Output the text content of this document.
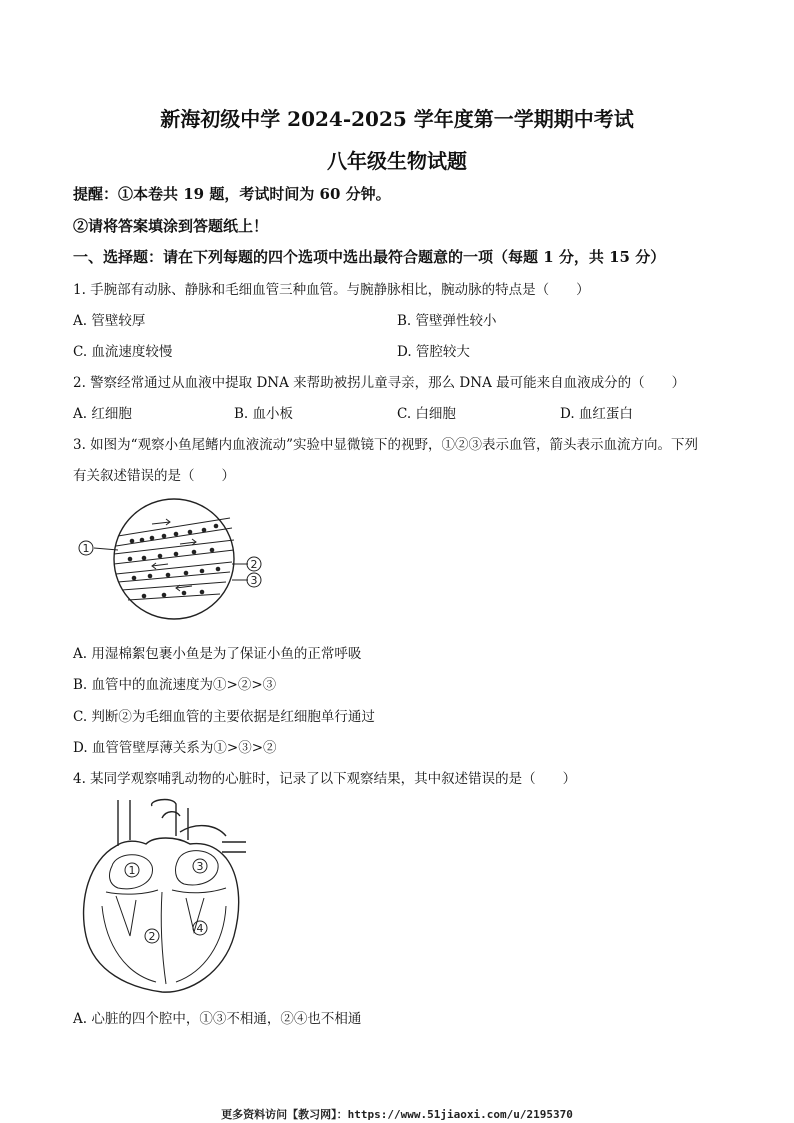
新海初级中学 2024-2025 学年度第一学期期中考试
八年级生物试题
提醒：①本卷共 19 题，考试时间为 60 分钟。
②请将答案填涂到答题纸上！
一、选择题：请在下列每题的四个选项中选出最符合题意的一项（每题 1 分，共 15 分）
1. 手腕部有动脉、静脉和毛细血管三种血管。与腕静脉相比，腕动脉的特点是（　　）
A. 管壁较厚	B. 管壁弹性较小
C. 血流速度较慢	D. 管腔较大
2. 警察经常通过从血液中提取 DNA 来帮助被拐儿童寻亲，那么 DNA 最可能来自血液成分的（　　）
A. 红细胞	B. 血小板	C. 白细胞	D. 血红蛋白
3. 如图为“观察小鱼尾鳍内血液流动”实验中显微镜下的视野，①②③表示血管，箭头表示血流方向。下列
有关叙述错误的是（　　）
1
2
3
A. 用湿棉絮包裹小鱼是为了保证小鱼的正常呼吸
B. 血管中的血流速度为①>②>③
C. 判断②为毛细血管的主要依据是红细胞单行通过
D. 血管管壁厚薄关系为①>③>②
4. 某同学观察哺乳动物的心脏时，记录了以下观察结果，其中叙述错误的是（　　）
1
2
3
4
A. 心脏的四个腔中，①③不相通，②④也不相通
更多资料访问【教习网】：https://www.51jiaoxi.com/u/2195370
